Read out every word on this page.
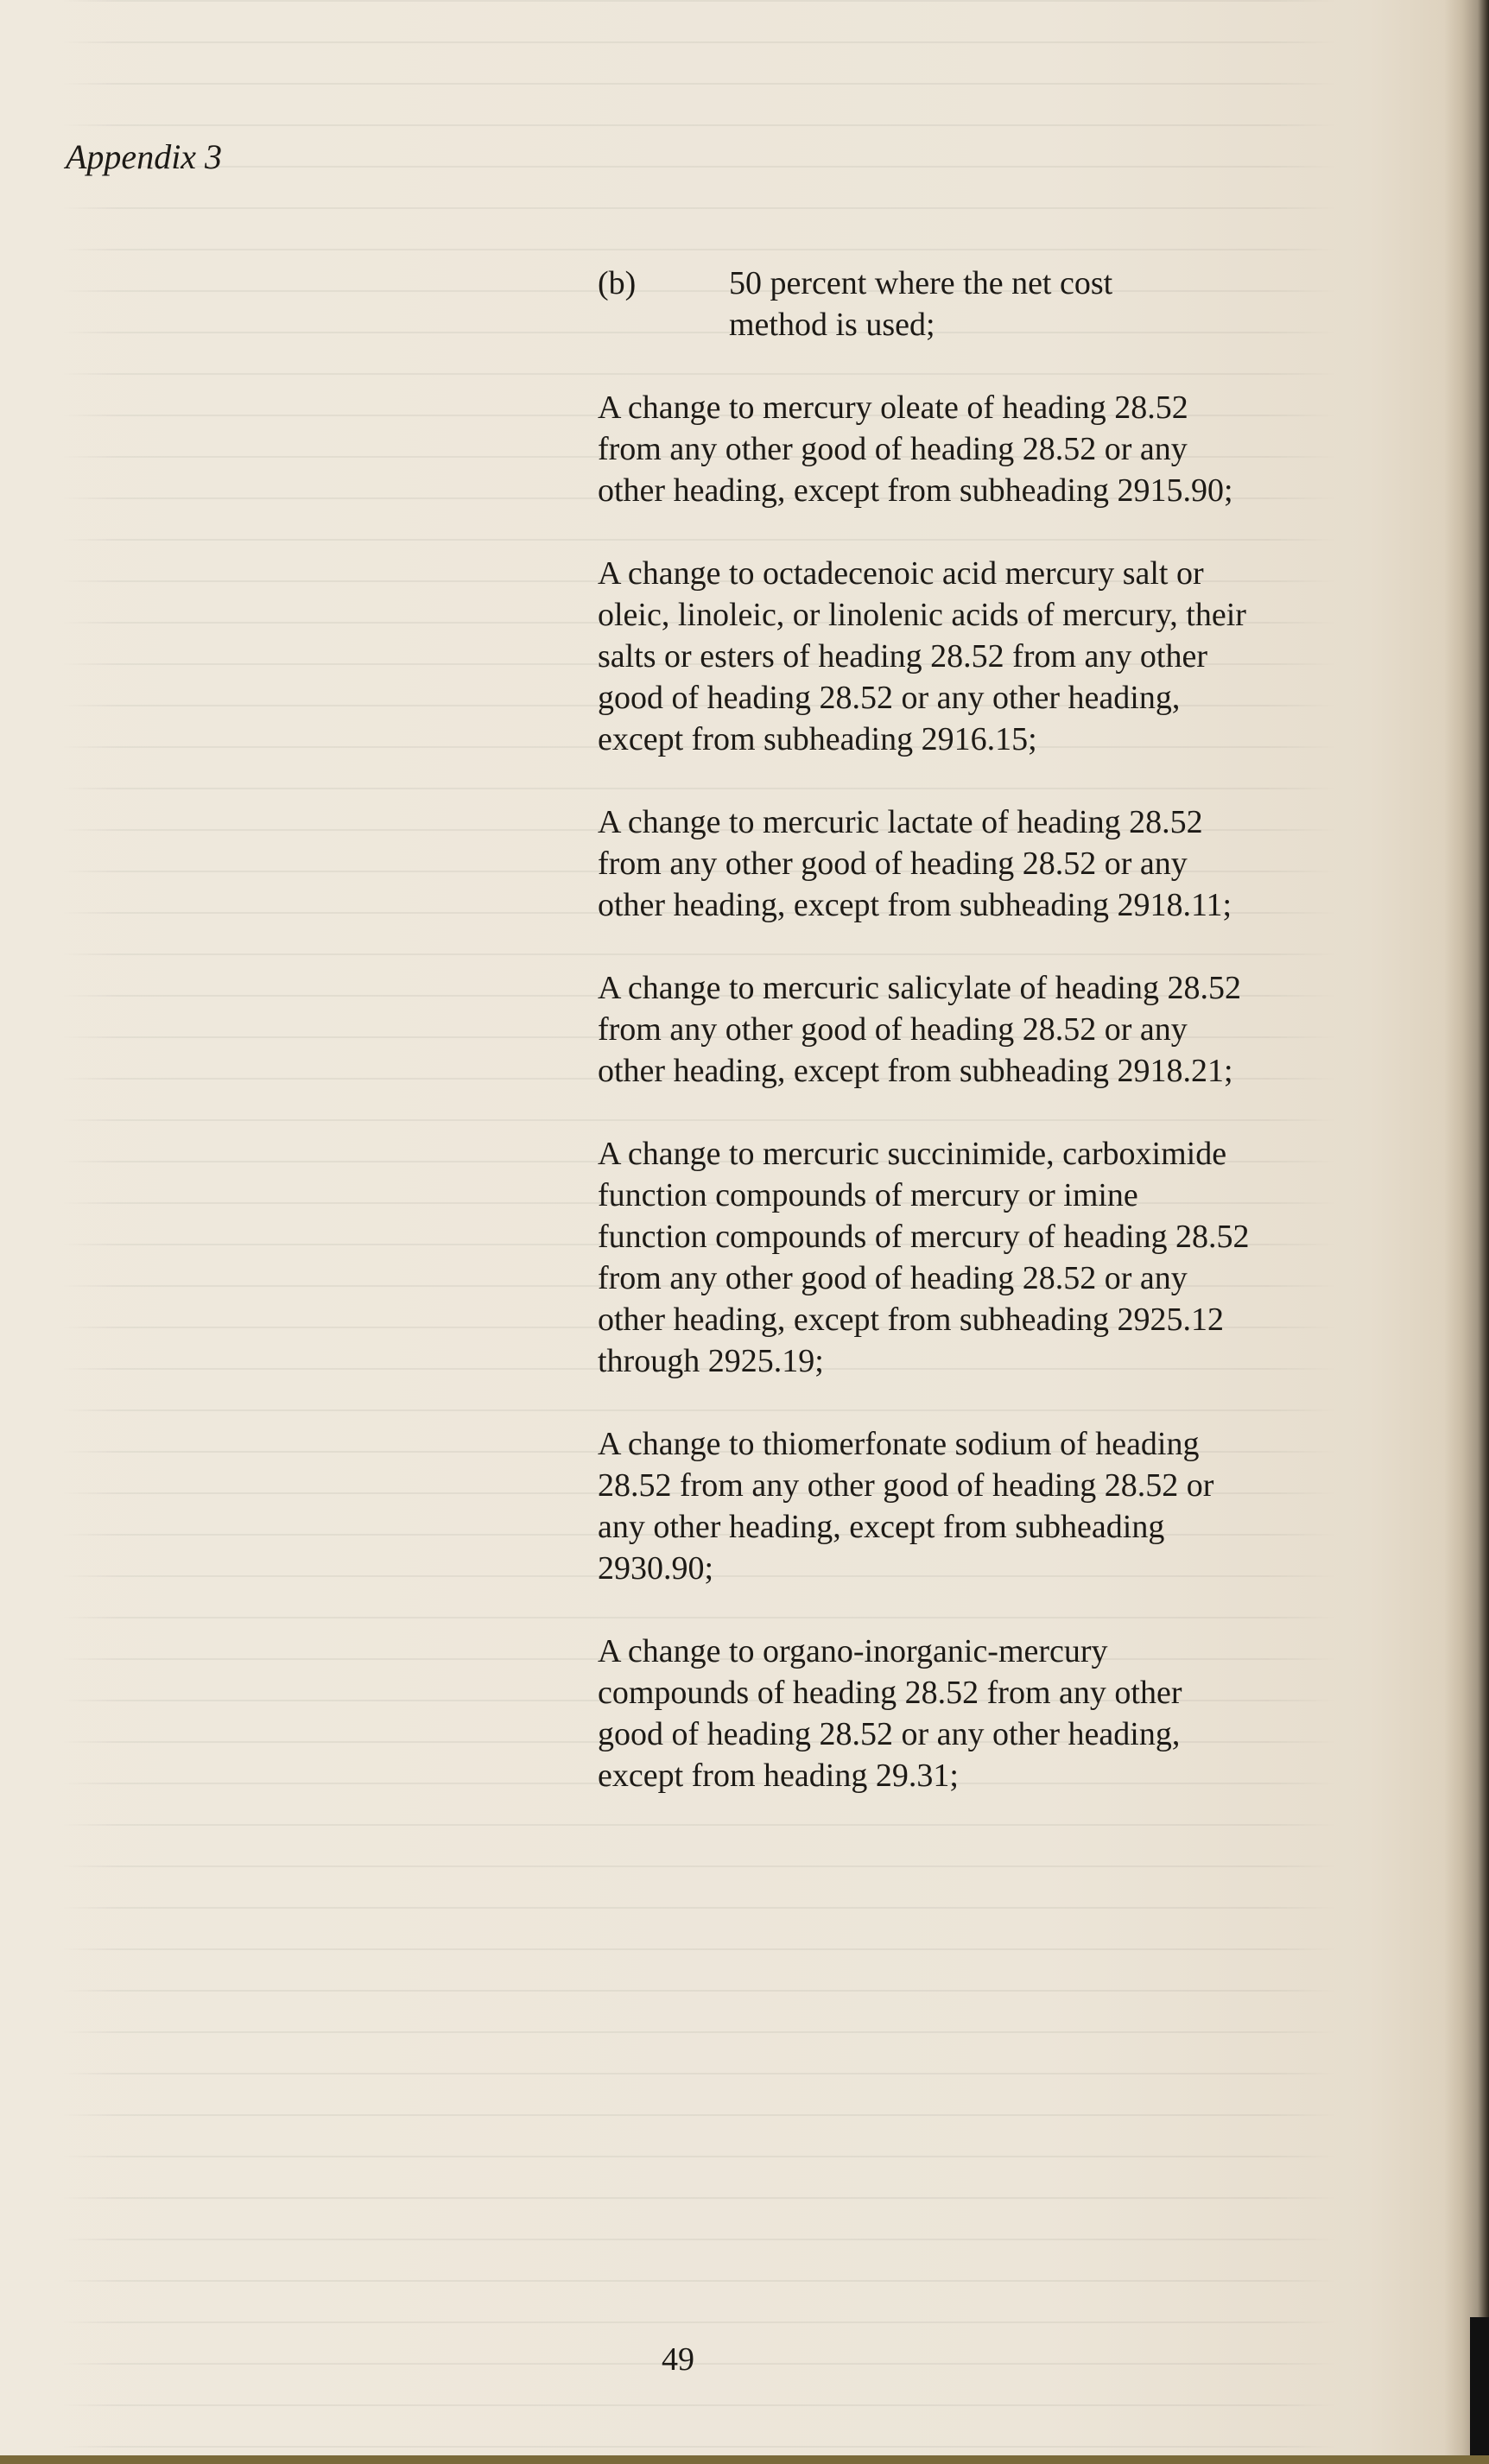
Appendix 3
(b)	50 percent where the net cost method is used;

A change to mercury oleate of heading 28.52 from any other good of heading 28.52 or any other heading, except from subheading 2915.90;

A change to octadecenoic acid mercury salt or oleic, linoleic, or linolenic acids of mercury, their salts or esters of heading 28.52 from any other good of heading 28.52 or any other heading, except from subheading 2916.15;

A change to mercuric lactate of heading 28.52 from any other good of heading 28.52 or any other heading, except from subheading 2918.11;

A change to mercuric salicylate of heading 28.52 from any other good of heading 28.52 or any other heading, except from subheading 2918.21;

A change to mercuric succinimide, carboximide function compounds of mercury or imine function compounds of mercury of heading 28.52 from any other good of heading 28.52 or any other heading, except from subheading 2925.12 through 2925.19;

A change to thiomerfonate sodium of heading 28.52 from any other good of heading 28.52 or any other heading, except from subheading 2930.90;

A change to organo-inorganic-mercury compounds of heading 28.52 from any other good of heading 28.52 or any other heading, except from heading 29.31;

49
